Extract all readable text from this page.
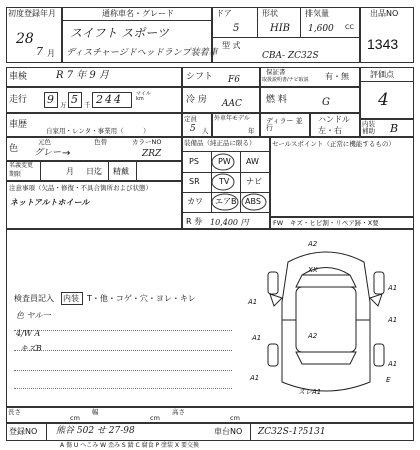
初度登録年月
28
7 月
通称車名・グレード
スイフト スポーツ
ディスチャージドヘッドランプ装着車
ドア	形状	排気量
5	HIB 1,600 CC
型 式
CBA- ZC32S
出品NO
1343
車検	R 7 年 9 月	シフト F6
保証書
取扱説明書/ナビ取説 有・無	評価点
4
走行 9 万 5 千 244	マイル km	冷 房 AAC	燃 料	G
車歴
自家用・レンタ・事業用（　　　）
定員
5 人
外車年モデル
年
ディラー 並行
ハンドル
左・右
内装 補助	B
色
元色	色替	カラーNO
グレー →	ZRZ
名義変更
期限	月 日迄 精戴
装備品（純正品に限る）
PS PW AW
SR TV ナビ
カワ エアB ABS
R 券 10,400 円
セールスポイント（正常に機能するもの）
FW キズ・ヒビ割・リペア跡・X要
注意事項（欠品・修復・不具合箇所および状態）
ネットアルトホイール
検査員記入 内装　T・他・コゲ・穴・ヨレ・キレ
色 ヤル一
4/W A
キズB
A2
XX
A1
A1
A1
A1
A1
A2
E
ズレA1
A1
長さ
cm
幅
cm
高さ
cm
登録NO 熊谷 502 せ 27-98	車台NO ZC32S-1?5131
A 傷 U へこみ W 歪み S 錆 C 腐食 P 塗装 X 要交換
